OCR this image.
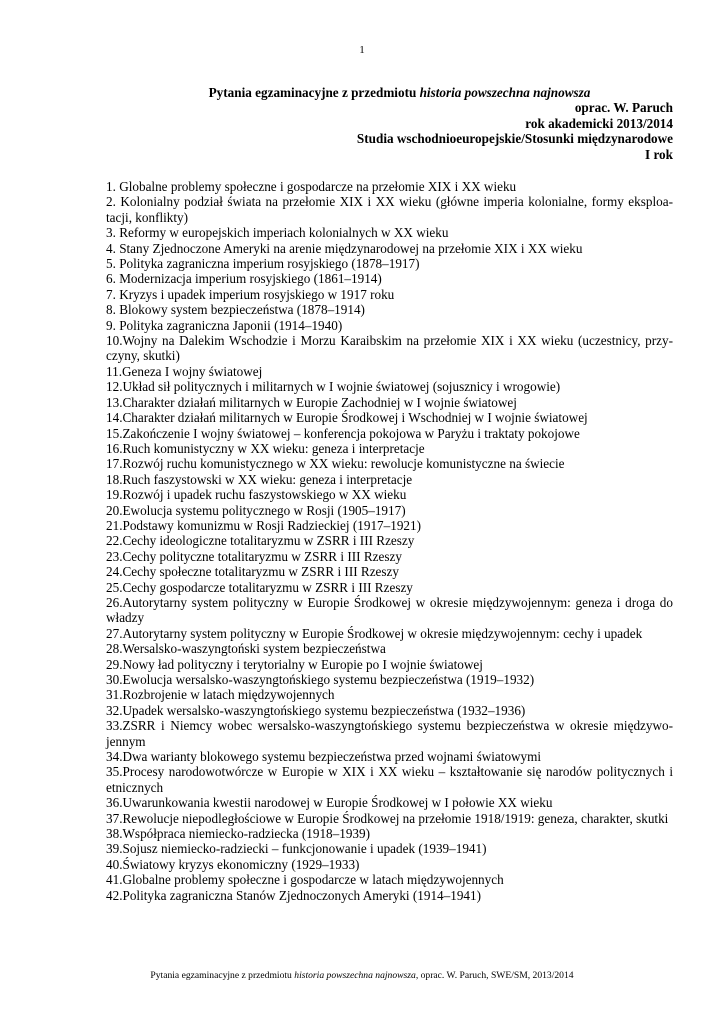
1
Pytania egzaminacyjne z przedmiotu historia powszechna najnowsza
oprac. W. Paruch
rok akademicki 2013/2014
Studia wschodnioeuropejskie/Stosunki międzynarodowe
I rok
1. Globalne problemy społeczne i gospodarcze na przełomie XIX i XX wieku
2. Kolonialny podział świata na przełomie XIX i XX wieku (główne imperia kolonialne, formy eksploa-tacji, konflikty)
3. Reformy w europejskich imperiach kolonialnych w XX wieku
4. Stany Zjednoczone Ameryki na arenie międzynarodowej na przełomie XIX i XX wieku
5. Polityka zagraniczna imperium rosyjskiego (1878–1917)
6. Modernizacja imperium rosyjskiego (1861–1914)
7. Kryzys i upadek imperium rosyjskiego w 1917 roku
8. Blokowy system bezpieczeństwa (1878–1914)
9. Polityka zagraniczna Japonii (1914–1940)
10.Wojny na Dalekim Wschodzie i Morzu Karaibskim na przełomie XIX i XX wieku (uczestnicy, przy-czyny, skutki)
11.Geneza I wojny światowej
12.Układ sił politycznych i militarnych w I wojnie światowej (sojusznicy i wrogowie)
13.Charakter działań militarnych w Europie Zachodniej w I wojnie światowej
14.Charakter działań militarnych w Europie Środkowej i Wschodniej w I wojnie światowej
15.Zakończenie I wojny światowej – konferencja pokojowa w Paryżu i traktaty pokojowe
16.Ruch komunistyczny w XX wieku: geneza i interpretacje
17.Rozwój ruchu komunistycznego w XX wieku: rewolucje komunistyczne na świecie
18.Ruch faszystowski w XX wieku: geneza i interpretacje
19.Rozwój i upadek ruchu faszystowskiego w XX wieku
20.Ewolucja systemu politycznego w Rosji (1905–1917)
21.Podstawy komunizmu w Rosji Radzieckiej (1917–1921)
22.Cechy ideologiczne totalitaryzmu w ZSRR i III Rzeszy
23.Cechy polityczne totalitaryzmu w ZSRR i III Rzeszy
24.Cechy społeczne totalitaryzmu w ZSRR i III Rzeszy
25.Cechy gospodarcze totalitaryzmu w ZSRR i III Rzeszy
26.Autorytarny system polityczny w Europie Środkowej w okresie międzywojennym: geneza i droga do władzy
27.Autorytarny system polityczny w Europie Środkowej w okresie międzywojennym: cechy i upadek
28.Wersalsko-waszyngtoński system bezpieczeństwa
29.Nowy ład polityczny i terytorialny w Europie po I wojnie światowej
30.Ewolucja wersalsko-waszyngtońskiego systemu bezpieczeństwa (1919–1932)
31.Rozbrojenie w latach międzywojennych
32.Upadek wersalsko-waszyngtońskiego systemu bezpieczeństwa (1932–1936)
33.ZSRR i Niemcy wobec wersalsko-waszyngtońskiego systemu bezpieczeństwa w okresie międzywo-jennym
34.Dwa warianty blokowego systemu bezpieczeństwa przed wojnami światowymi
35.Procesy narodowotwórcze w Europie w XIX i XX wieku – kształtowanie się narodów politycznych i etnicznych
36.Uwarunkowania kwestii narodowej w Europie Środkowej w I połowie XX wieku
37.Rewolucje niepodległościowe w Europie Środkowej na przełomie 1918/1919: geneza, charakter, skutki
38.Współpraca niemiecko-radziecka (1918–1939)
39.Sojusz niemiecko-radziecki – funkcjonowanie i upadek (1939–1941)
40.Światowy kryzys ekonomiczny (1929–1933)
41.Globalne problemy społeczne i gospodarcze w latach międzywojennych
42.Polityka zagraniczna Stanów Zjednoczonych Ameryki (1914–1941)
Pytania egzaminacyjne z przedmiotu historia powszechna najnowsza, oprac. W. Paruch, SWE/SM, 2013/2014
